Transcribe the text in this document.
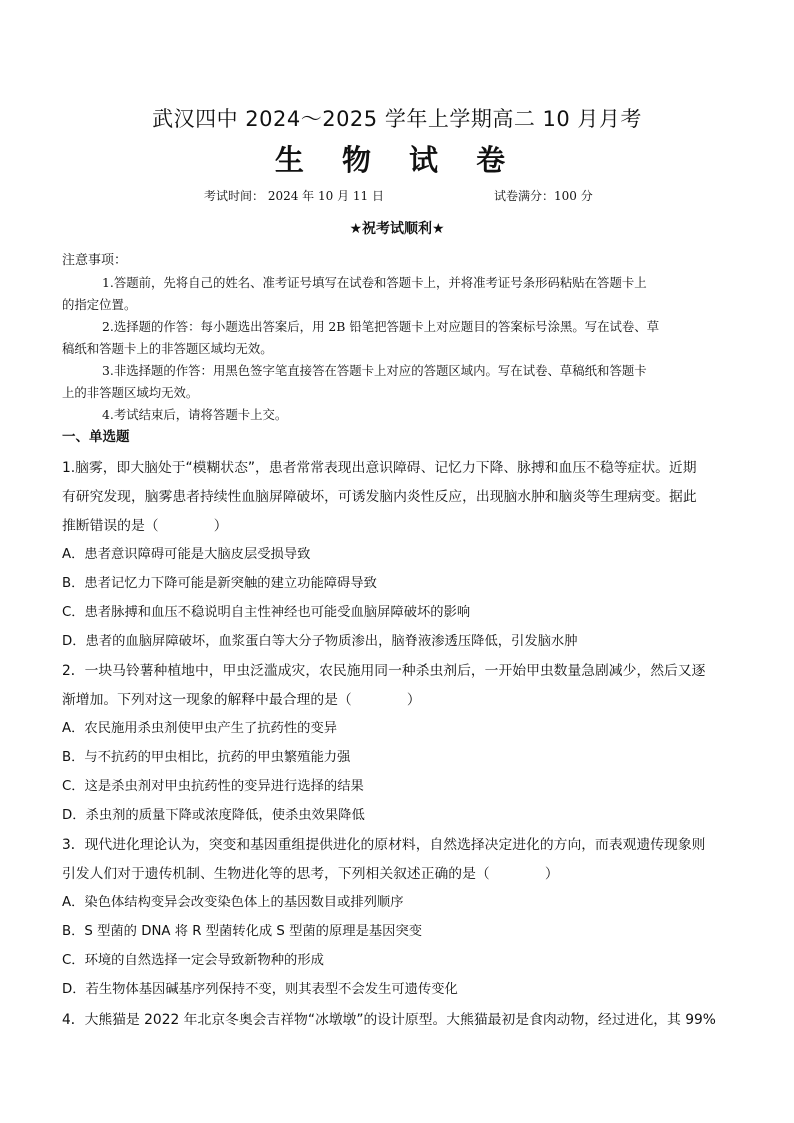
武汉四中 2024～2025 学年上学期高二 10 月月考
生 物 试 卷
考试时间： 2024 年 10 月 11 日	试卷满分：100 分
★祝考试顺利★
注意事项：
1.答题前，先将自己的姓名、准考证号填写在试卷和答题卡上，并将准考证号条形码粘贴在答题卡上
的指定位置。
2.选择题的作答：每小题选出答案后，用 2B 铅笔把答题卡上对应题目的答案标号涂黑。写在试卷、草
稿纸和答题卡上的非答题区域均无效。
3.非选择题的作答：用黑色签字笔直接答在答题卡上对应的答题区域内。写在试卷、草稿纸和答题卡
上的非答题区域均无效。
4.考试结束后，请将答题卡上交。
一、单选题
1.脑雾，即大脑处于“模糊状态”，患者常常表现出意识障碍、记忆力下降、脉搏和血压不稳等症状。近期
有研究发现，脑雾患者持续性血脑屏障破坏，可诱发脑内炎性反应，出现脑水肿和脑炎等生理病变。据此
推断错误的是（　　　　）
A．患者意识障碍可能是大脑皮层受损导致
B．患者记忆力下降可能是新突触的建立功能障碍导致
C．患者脉搏和血压不稳说明自主性神经也可能受血脑屏障破坏的影响
D．患者的血脑屏障破坏，血浆蛋白等大分子物质渗出，脑脊液渗透压降低，引发脑水肿
2．一块马铃薯种植地中，甲虫泛滥成灾，农民施用同一种杀虫剂后，一开始甲虫数量急剧减少，然后又逐
渐增加。下列对这一现象的解释中最合理的是（　　　　）
A．农民施用杀虫剂使甲虫产生了抗药性的变异
B．与不抗药的甲虫相比，抗药的甲虫繁殖能力强
C．这是杀虫剂对甲虫抗药性的变异进行选择的结果
D．杀虫剂的质量下降或浓度降低，使杀虫效果降低
3．现代进化理论认为，突变和基因重组提供进化的原材料，自然选择决定进化的方向，而表观遗传现象则
引发人们对于遗传机制、生物进化等的思考，下列相关叙述正确的是（　　　　）
A．染色体结构变异会改变染色体上的基因数目或排列顺序
B．S 型菌的 DNA 将 R 型菌转化成 S 型菌的原理是基因突变
C．环境的自然选择一定会导致新物种的形成
D．若生物体基因碱基序列保持不变，则其表型不会发生可遗传变化
4．大熊猫是 2022 年北京冬奥会吉祥物“冰墩墩”的设计原型。大熊猫最初是食肉动物，经过进化，其 99%
